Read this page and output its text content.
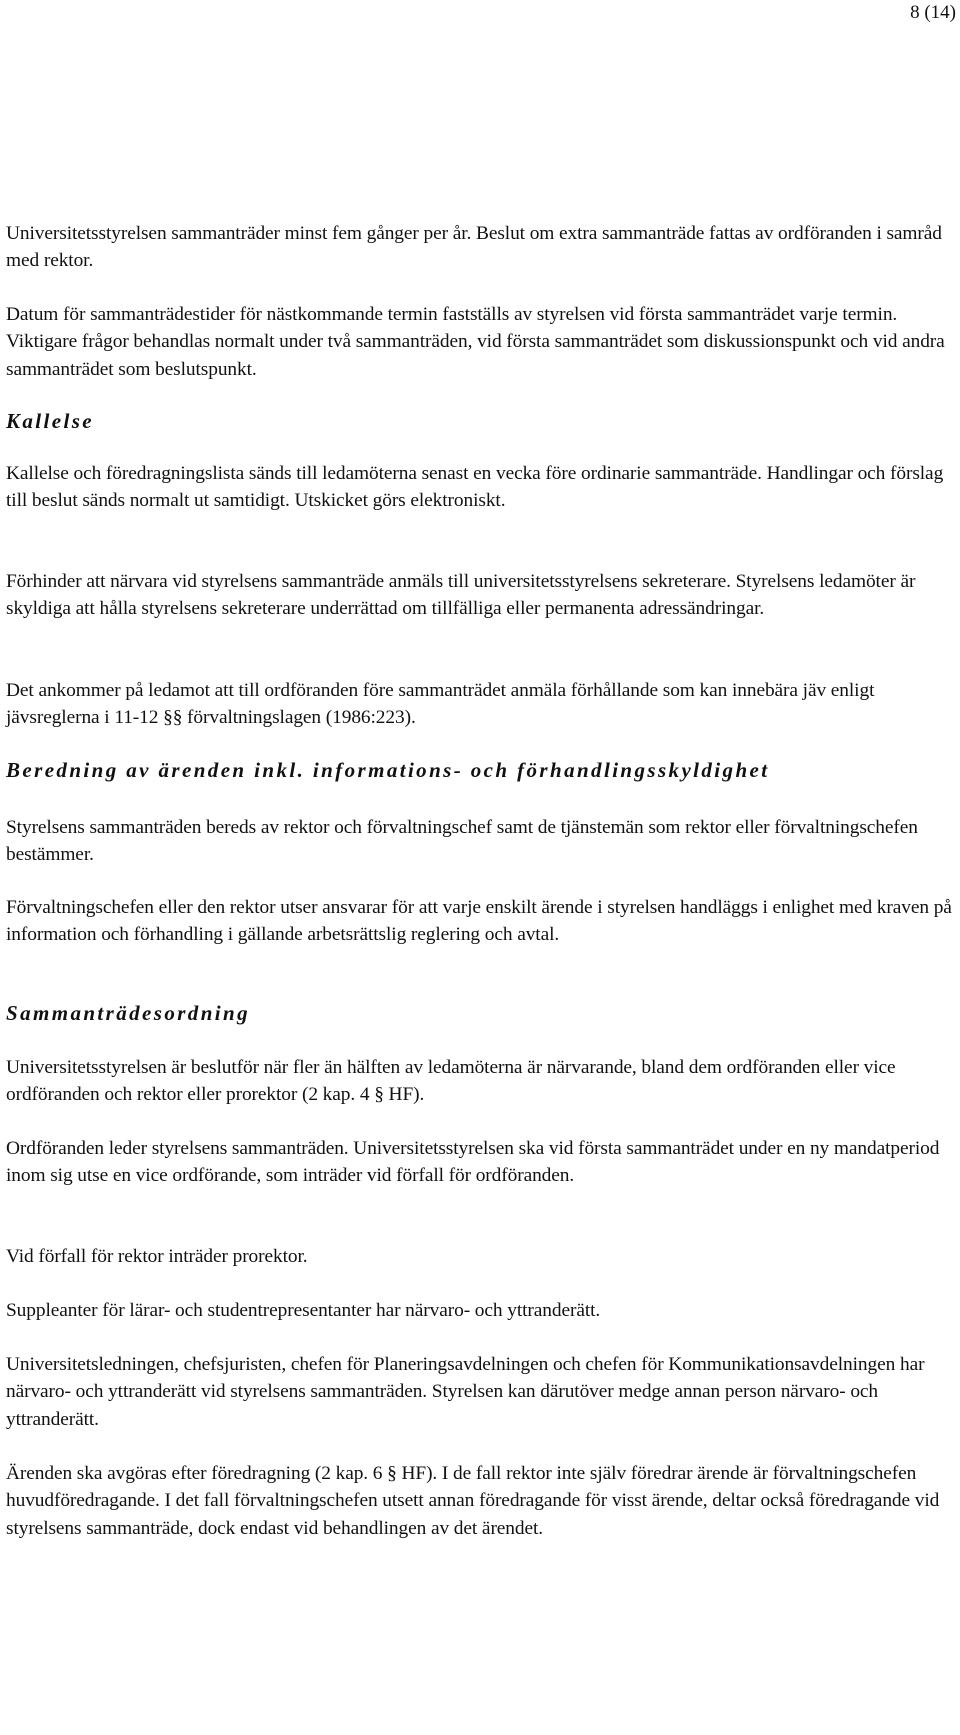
8 (14)

Universitetsstyrelsen sammanträder minst fem gånger per år. Beslut om extra sammanträde fattas av ordföranden i samråd med rektor.

Datum för sammanträdestider för nästkommande termin fastställs av styrelsen vid första sammanträdet varje termin. Viktigare frågor behandlas normalt under två sammanträden, vid första sammanträdet som diskussionspunkt och vid andra sammanträdet som beslutspunkt.

Kallelse

Kallelse och föredragningslista sänds till ledamöterna senast en vecka före ordinarie sammanträde. Handlingar och förslag till beslut sänds normalt ut samtidigt. Utskicket görs elektroniskt.

Förhinder att närvara vid styrelsens sammanträde anmäls till universitetsstyrelsens sekreterare. Styrelsens ledamöter är skyldiga att hålla styrelsens sekreterare underrättad om tillfälliga eller permanenta adressändringar.

Det ankommer på ledamot att till ordföranden före sammanträdet anmäla förhållande som kan innebära jäv enligt jävsreglerna i 11-12 §§ förvaltningslagen (1986:223).

Beredning av ärenden inkl. informations- och förhandlingsskyldighet

Styrelsens sammanträden bereds av rektor och förvaltningschef samt de tjänstemän som rektor eller förvaltningschefen bestämmer.

Förvaltningschefen eller den rektor utser ansvarar för att varje enskilt ärende i styrelsen handläggs i enlighet med kraven på information och förhandling i gällande arbetsrättslig reglering och avtal.

Sammanträdesordning

Universitetsstyrelsen är beslutför när fler än hälften av ledamöterna är närvarande, bland dem ordföranden eller vice ordföranden och rektor eller prorektor (2 kap. 4 § HF).

Ordföranden leder styrelsens sammanträden. Universitetsstyrelsen ska vid första sammanträdet under en ny mandatperiod inom sig utse en vice ordförande, som inträder vid förfall för ordföranden.

Vid förfall för rektor inträder prorektor.

Suppleanter för lärar- och studentrepresentanter har närvaro- och yttranderätt.

Universitetsledningen, chefsjuristen, chefen för Planeringsavdelningen och chefen för Kommunikationsavdelningen har närvaro- och yttranderätt vid styrelsens sammanträden. Styrelsen kan därutöver medge annan person närvaro- och yttranderätt.

Ärenden ska avgöras efter föredragning (2 kap. 6 § HF). I de fall rektor inte själv föredrar ärende är förvaltningschefen huvudföredragande. I det fall förvaltningschefen utsett annan föredragande för visst ärende, deltar också föredragande vid styrelsens sammanträde, dock endast vid behandlingen av det ärendet.
